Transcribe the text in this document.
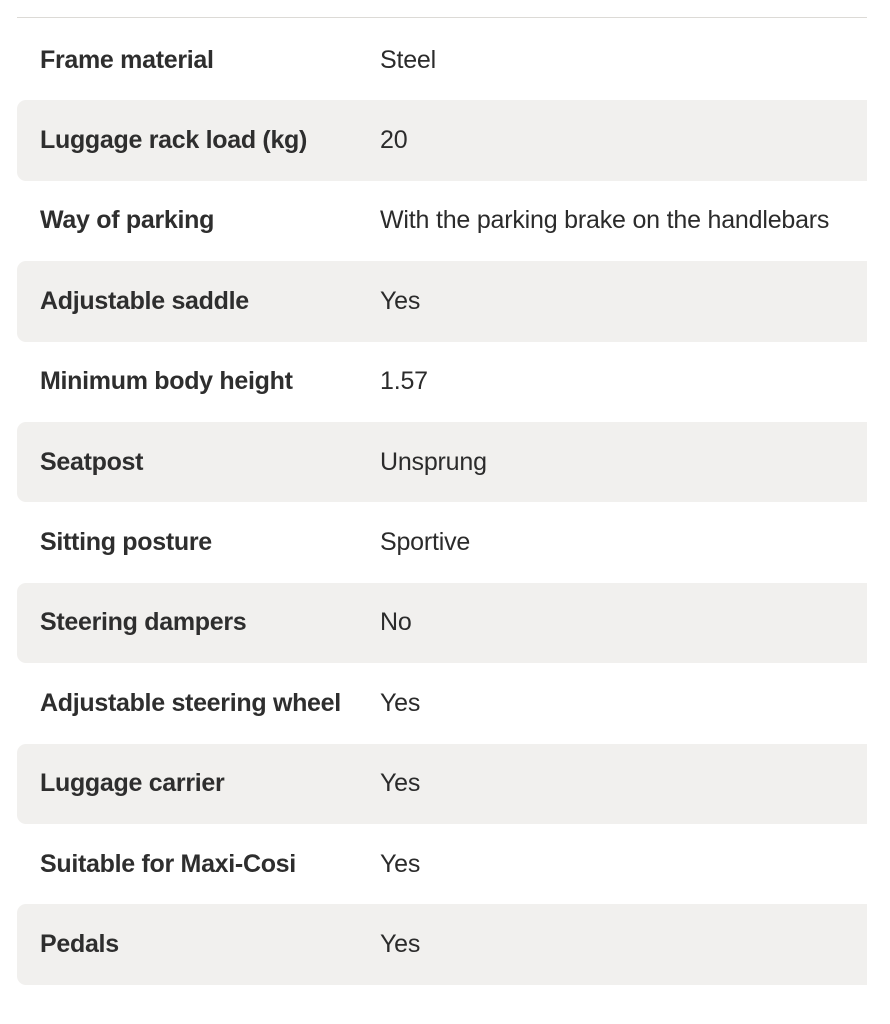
Frame material	Steel
Luggage rack load (kg)	20
Way of parking	With the parking brake on the handlebars
Adjustable saddle	Yes
Minimum body height	1.57
Seatpost	Unsprung
Sitting posture	Sportive
Steering dampers	No
Adjustable steering wheel Yes
Luggage carrier	Yes
Suitable for Maxi-Cosi	Yes
Pedals	Yes
